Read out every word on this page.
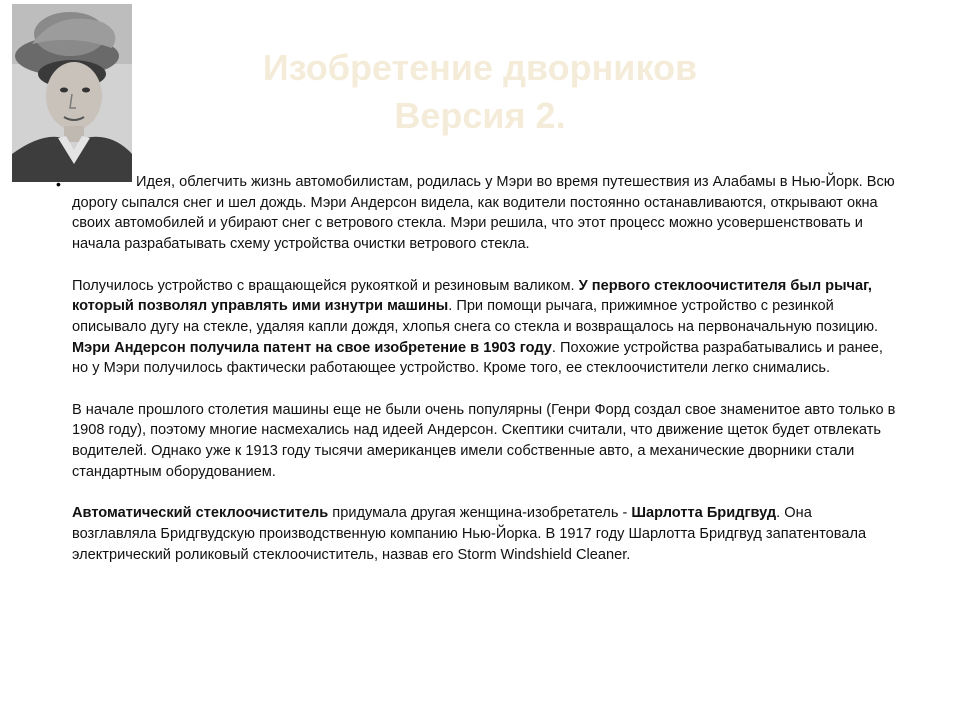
Изобретение дворников
Версия 2.
•	Идея, облегчить жизнь автомобилистам, родилась у Мэри во время путешествия из Алабамы в Нью-Йорк. Всю дорогу сыпался снег и шел дождь. Мэри Андерсон видела, как водители постоянно останавливаются, открывают окна своих автомобилей и убирают снег с ветрового стекла. Мэри решила, что этот процесс можно усовершенствовать и начала разрабатывать схему устройства очистки ветрового стекла.

Получилось устройство с вращающейся рукояткой и резиновым валиком. У первого стеклоочистителя был рычаг, который позволял управлять ими изнутри машины. При помощи рычага, прижимное устройство с резинкой описывало дугу на стекле, удаляя капли дождя, хлопья снега со стекла и возвращалось на первоначальную позицию.

Мэри Андерсон получила патент на свое изобретение в 1903 году. Похожие устройства разрабатывались и ранее, но у Мэри получилось фактически работающее устройство. Кроме того, ее стеклоочистители легко снимались.

В начале прошлого столетия машины еще не были очень популярны (Генри Форд создал свое знаменитое авто только в 1908 году), поэтому многие насмехались над идеей Андерсон. Скептики считали, что движение щеток будет отвлекать водителей. Однако уже к 1913 году тысячи американцев имели собственные авто, а механические дворники стали стандартным оборудованием.

Автоматический стеклоочиститель придумала другая женщина-изобретатель - Шарлотта Бридгвуд. Она возглавляла Бридгвудскую производственную компанию Нью-Йорка. В 1917 году Шарлотта Бридгвуд запатентовала электрический роликовый стеклоочиститель, назвав его Storm Windshield Cleaner.
